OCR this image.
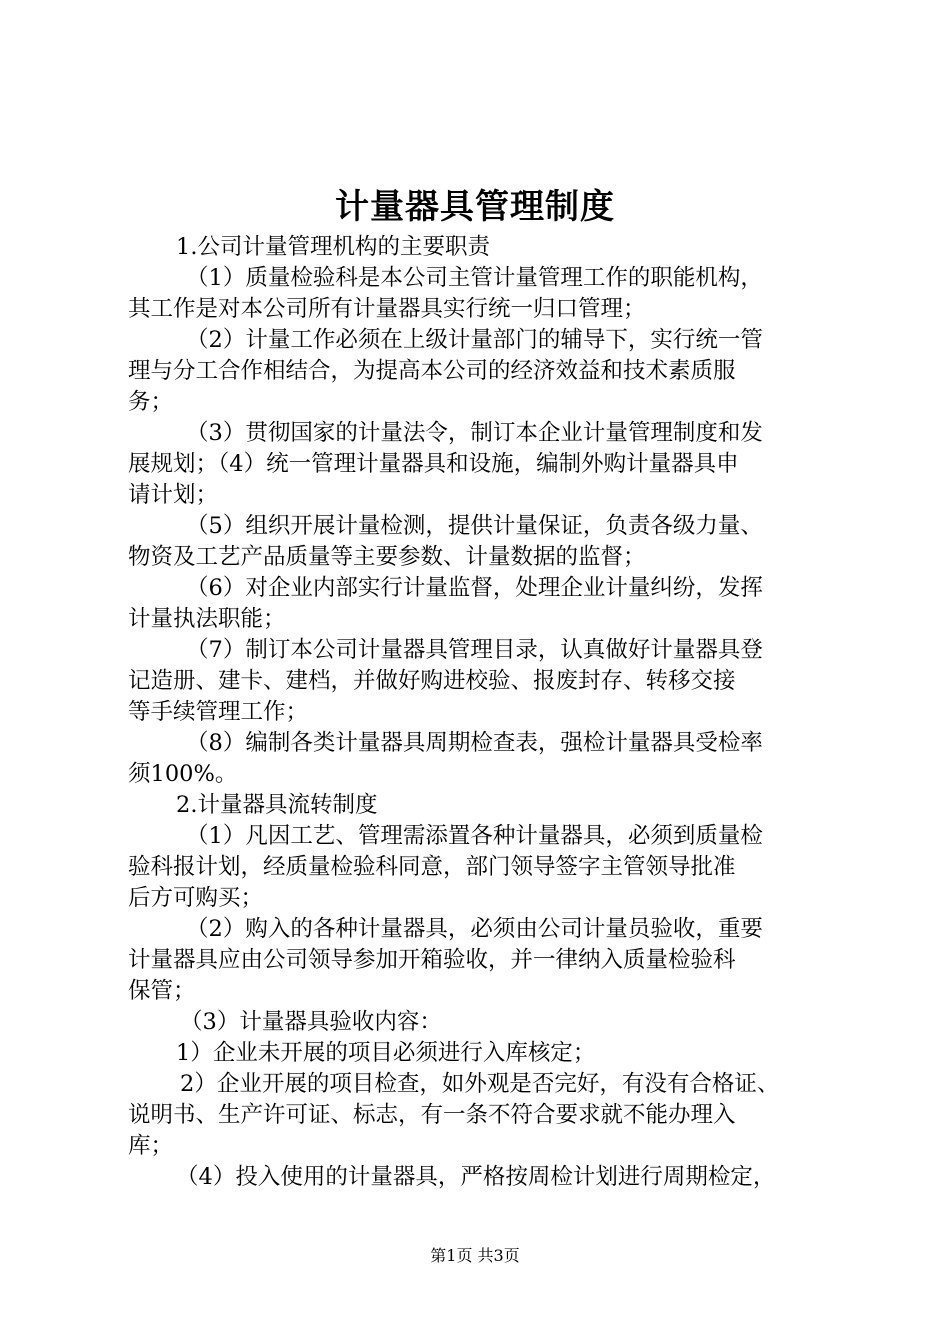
计量器具管理制度
1.公司计量管理机构的主要职责
（1）质量检验科是本公司主管计量管理工作的职能机构，
其工作是对本公司所有计量器具实行统一归口管理；
（2）计量工作必须在上级计量部门的辅导下，实行统一管
理与分工合作相结合，为提高本公司的经济效益和技术素质服
务；
（3）贯彻国家的计量法令，制订本企业计量管理制度和发
展规划；（4）统一管理计量器具和设施，编制外购计量器具申
请计划；
（5）组织开展计量检测，提供计量保证，负责各级力量、
物资及工艺产品质量等主要参数、计量数据的监督；
（6）对企业内部实行计量监督，处理企业计量纠纷，发挥
计量执法职能；
（7）制订本公司计量器具管理目录，认真做好计量器具登
记造册、建卡、建档，并做好购进校验、报废封存、转移交接
等手续管理工作；
（8）编制各类计量器具周期检查表，强检计量器具受检率
须100%。
2.计量器具流转制度
（1）凡因工艺、管理需添置各种计量器具，必须到质量检
验科报计划，经质量检验科同意，部门领导签字主管领导批准
后方可购买；
（2）购入的各种计量器具，必须由公司计量员验收，重要
计量器具应由公司领导参加开箱验收，并一律纳入质量检验科
保管；
（3）计量器具验收内容：
1）企业未开展的项目必须进行入库核定；
2）企业开展的项目检查，如外观是否完好，有没有合格证、
说明书、生产许可证、标志，有一条不符合要求就不能办理入
库；
（4）投入使用的计量器具，严格按周检计划进行周期检定，
第1页 共3页
